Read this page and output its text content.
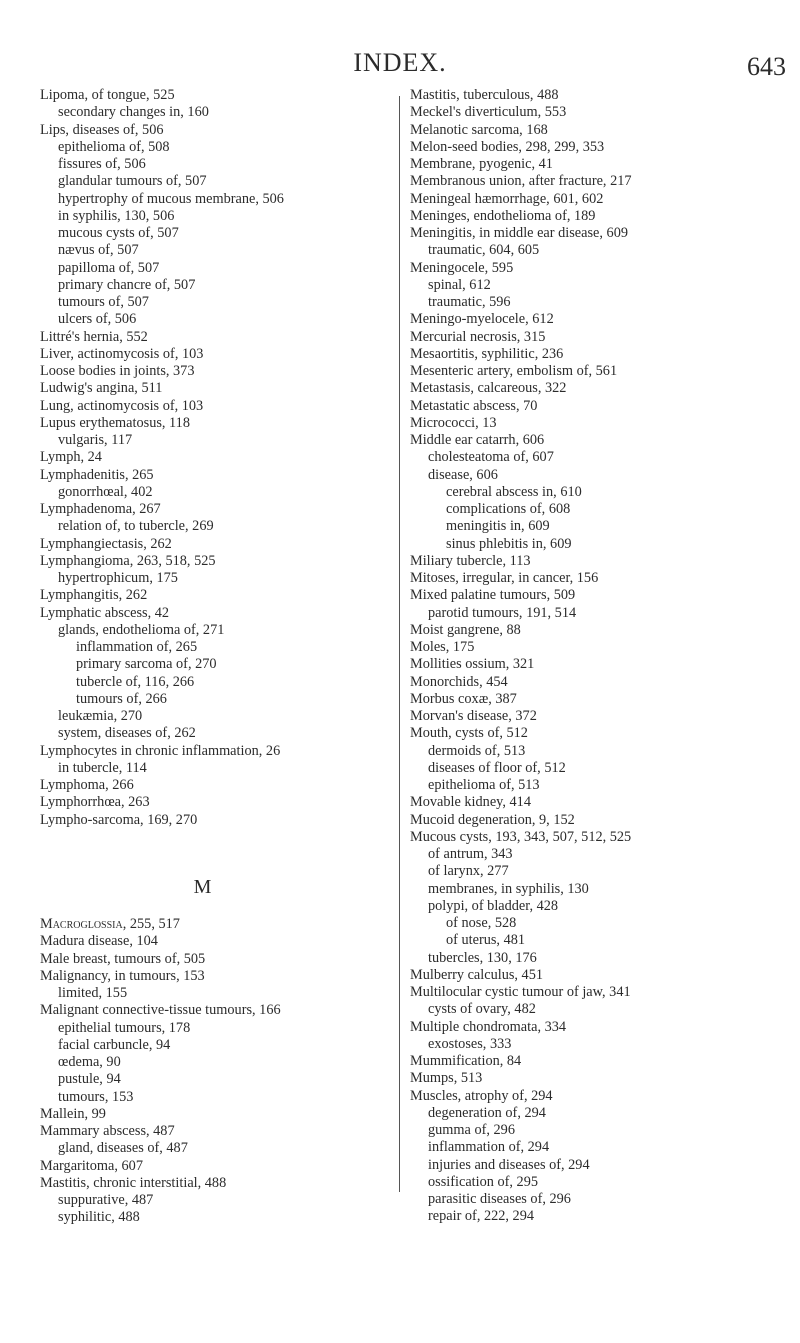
INDEX.	643
Lipoma, of tongue, 525
secondary changes in, 160
Lips, diseases of, 506
epithelioma of, 508
fissures of, 506
glandular tumours of, 507
hypertrophy of mucous membrane, 506
in syphilis, 130, 506
mucous cysts of, 507
nævus of, 507
papilloma of, 507
primary chancre of, 507
tumours of, 507
ulcers of, 506
Littré's hernia, 552
Liver, actinomycosis of, 103
Loose bodies in joints, 373
Ludwig's angina, 511
Lung, actinomycosis of, 103
Lupus erythematosus, 118
vulgaris, 117
Lymph, 24
Lymphadenitis, 265
gonorrhœal, 402
Lymphadenoma, 267
relation of, to tubercle, 269
Lymphangiectasis, 262
Lymphangioma, 263, 518, 525
hypertrophicum, 175
Lymphangitis, 262
Lymphatic abscess, 42
glands, endothelioma of, 271
inflammation of, 265
primary sarcoma of, 270
tubercle of, 116, 266
tumours of, 266
leukæmia, 270
system, diseases of, 262
Lymphocytes in chronic inflammation, 26
in tubercle, 114
Lymphoma, 266
Lymphorrhœa, 263
Lympho-sarcoma, 169, 270
M
Macroglossia, 255, 517
Madura disease, 104
Male breast, tumours of, 505
Malignancy, in tumours, 153
limited, 155
Malignant connective-tissue tumours, 166
epithelial tumours, 178
facial carbuncle, 94
œdema, 90
pustule, 94
tumours, 153
Mallein, 99
Mammary abscess, 487
gland, diseases of, 487
Margaritoma, 607
Mastitis, chronic interstitial, 488
suppurative, 487
syphilitic, 488
Mastitis, tuberculous, 488
Meckel's diverticulum, 553
Melanotic sarcoma, 168
Melon-seed bodies, 298, 299, 353
Membrane, pyogenic, 41
Membranous union, after fracture, 217
Meningeal hæmorrhage, 601, 602
Meninges, endothelioma of, 189
Meningitis, in middle ear disease, 609
traumatic, 604, 605
Meningocele, 595
spinal, 612
traumatic, 596
Meningo-myelocele, 612
Mercurial necrosis, 315
Mesaortitis, syphilitic, 236
Mesenteric artery, embolism of, 561
Metastasis, calcareous, 322
Metastatic abscess, 70
Micrococci, 13
Middle ear catarrh, 606
cholesteatoma of, 607
disease, 606
cerebral abscess in, 610
complications of, 608
meningitis in, 609
sinus phlebitis in, 609
Miliary tubercle, 113
Mitoses, irregular, in cancer, 156
Mixed palatine tumours, 509
parotid tumours, 191, 514
Moist gangrene, 88
Moles, 175
Mollities ossium, 321
Monorchids, 454
Morbus coxæ, 387
Morvan's disease, 372
Mouth, cysts of, 512
dermoids of, 513
diseases of floor of, 512
epithelioma of, 513
Movable kidney, 414
Mucoid degeneration, 9, 152
Mucous cysts, 193, 343, 507, 512, 525
of antrum, 343
of larynx, 277
membranes, in syphilis, 130
polypi, of bladder, 428
of nose, 528
of uterus, 481
tubercles, 130, 176
Mulberry calculus, 451
Multilocular cystic tumour of jaw, 341
cysts of ovary, 482
Multiple chondromata, 334
exostoses, 333
Mummification, 84
Mumps, 513
Muscles, atrophy of, 294
degeneration of, 294
gumma of, 296
inflammation of, 294
injuries and diseases of, 294
ossification of, 295
parasitic diseases of, 296
repair of, 222, 294
